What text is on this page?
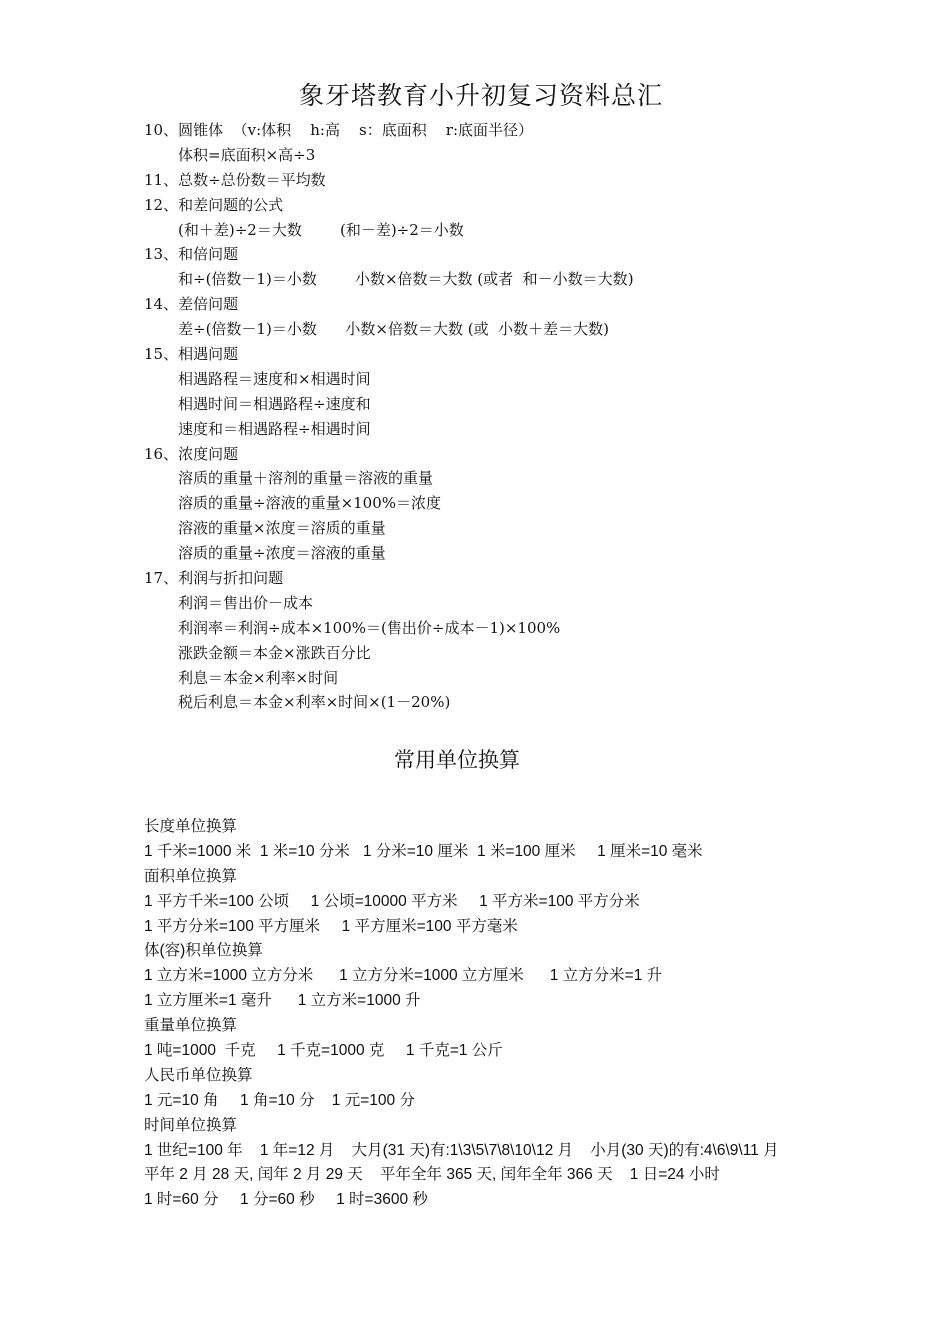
象牙塔教育小升初复习资料总汇
10、圆锥体  （v:体积    h:高    s：底面积    r:底面半径）
体积=底面积×高÷3
11、总数÷总份数＝平均数
12、和差问题的公式
(和＋差)÷2＝大数        (和－差)÷2＝小数
13、和倍问题
和÷(倍数－1)＝小数        小数×倍数＝大数 (或者  和－小数＝大数)
14、差倍问题
差÷(倍数－1)＝小数      小数×倍数＝大数 (或  小数＋差＝大数)
15、相遇问题
相遇路程＝速度和×相遇时间
相遇时间＝相遇路程÷速度和
速度和＝相遇路程÷相遇时间
16、浓度问题
溶质的重量＋溶剂的重量＝溶液的重量
溶质的重量÷溶液的重量×100%＝浓度
溶液的重量×浓度＝溶质的重量
溶质的重量÷浓度＝溶液的重量
17、利润与折扣问题
利润＝售出价－成本
利润率＝利润÷成本×100%＝(售出价÷成本－1)×100%
涨跌金额＝本金×涨跌百分比
利息＝本金×利率×时间
税后利息＝本金×利率×时间×(1－20%)
常用单位换算
长度单位换算
1 千米=1000 米  1 米=10 分米   1 分米=10 厘米  1 米=100 厘米     1 厘米=10 毫米
面积单位换算
1 平方千米=100 公顷     1 公顷=10000 平方米     1 平方米=100 平方分米
1 平方分米=100 平方厘米     1 平方厘米=100 平方毫米
体(容)积单位换算
1 立方米=1000 立方分米      1 立方分米=1000 立方厘米      1 立方分米=1 升
1 立方厘米=1 毫升      1 立方米=1000 升
重量单位换算
1 吨=1000  千克     1 千克=1000 克     1 千克=1 公斤
人民币单位换算
1 元=10 角     1 角=10 分    1 元=100 分
时间单位换算
1 世纪=100 年    1 年=12 月    大月(31 天)有:1\3\5\7\8\10\12 月    小月(30 天)的有:4\6\9\11 月
平年 2 月 28 天, 闰年 2 月 29 天    平年全年 365 天, 闰年全年 366 天    1 日=24 小时
1 时=60 分     1 分=60 秒     1 时=3600 秒
